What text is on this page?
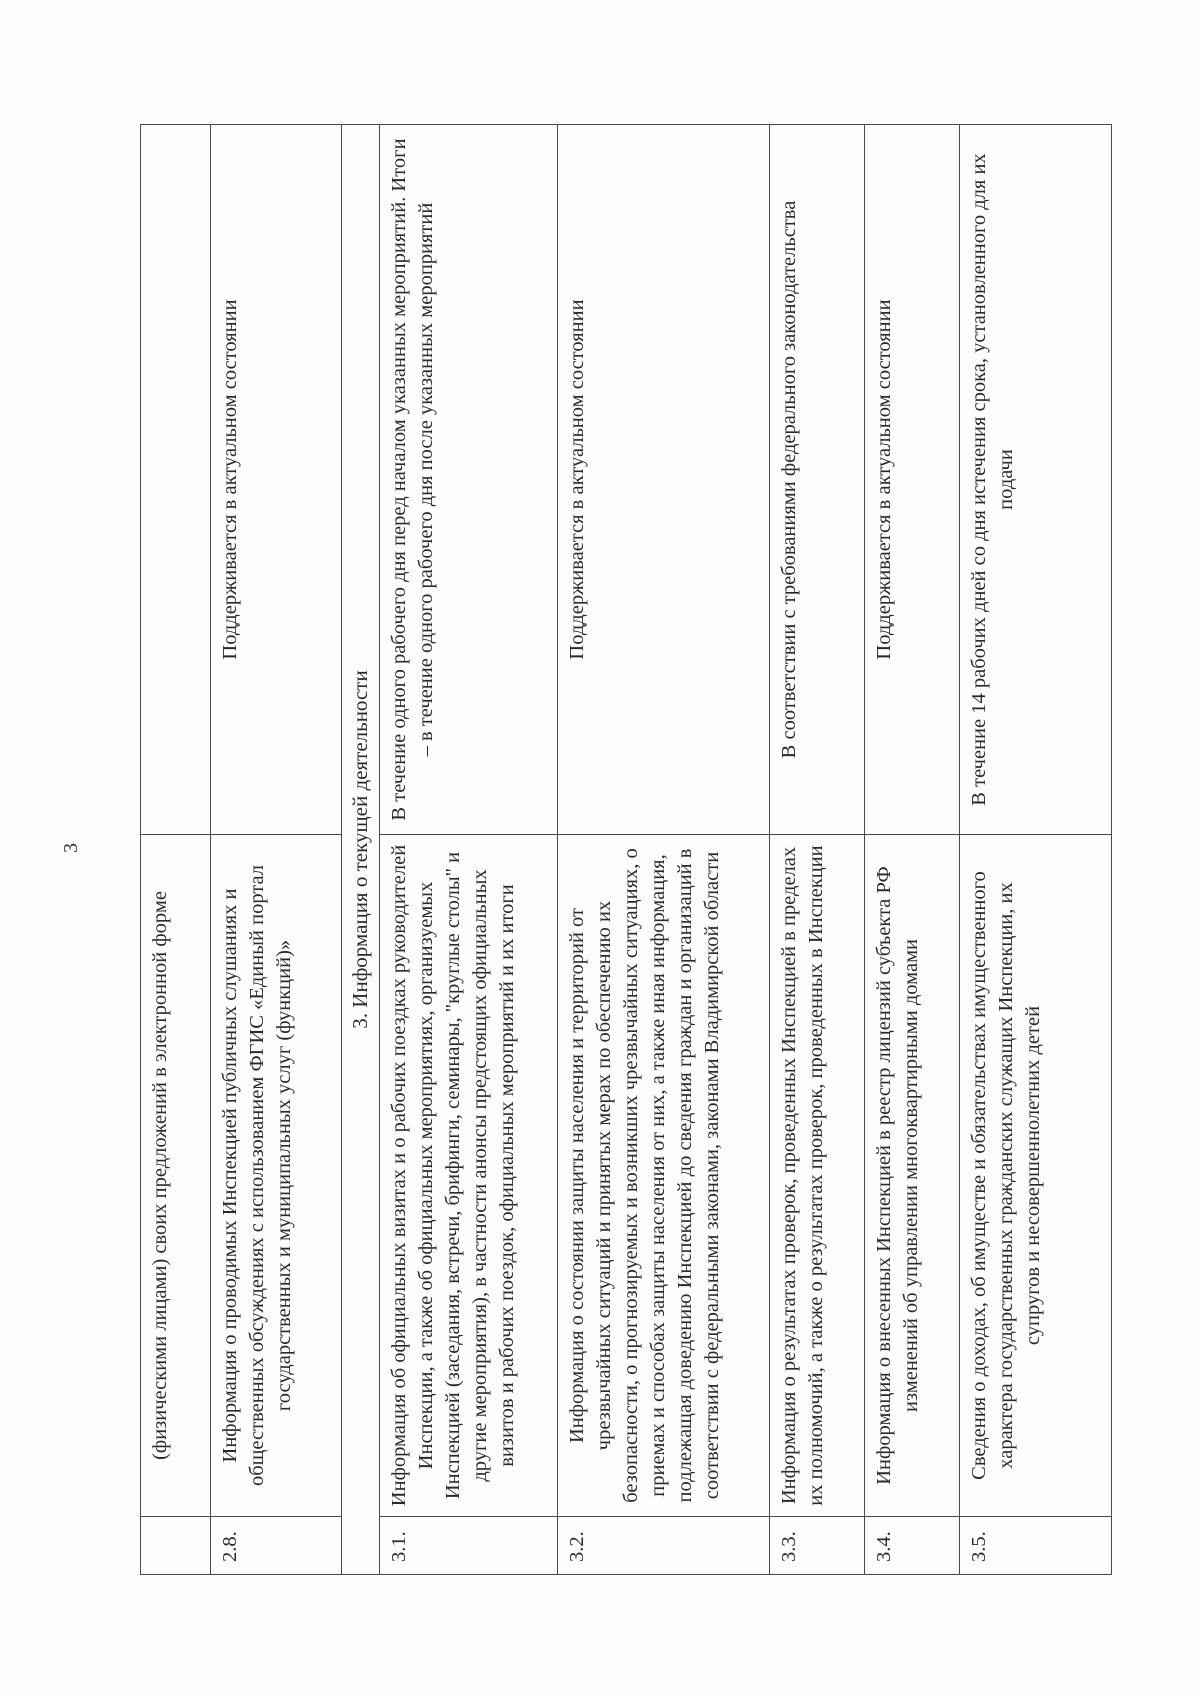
3
	(физическими лицами) своих предложений в электронной форме	
2.8.	Информация о проводимых Инспекцией публичных слушаниях и общественных обсуждениях с использованием ФГИС «Единый портал государственных и муниципальных услуг (функций)»	Поддерживается в актуальном состоянии
3. Информация о текущей деятельности		
3.1.	Информация об официальных визитах и о рабочих поездках руководителей Инспекции, а также об официальных мероприятиях, организуемых Инспекцией (заседания, встречи, брифинги, семинары, "круглые столы" и другие мероприятия), в частности анонсы предстоящих официальных визитов и рабочих поездок, официальных мероприятий и их итоги	В течение одного рабочего дня перед началом указанных мероприятий. Итоги – в течение одного рабочего дня после указанных мероприятий
3.2.	Информация о состоянии защиты населения и территорий от чрезвычайных ситуаций и принятых мерах по обеспечению их безопасности, о прогнозируемых и возникших чрезвычайных ситуациях, о приемах и способах защиты населения от них, а также иная информация, подлежащая доведению Инспекцией до сведения граждан и организаций в соответствии с федеральными законами, законами Владимирской области	Поддерживается в актуальном состоянии
3.3.	Информация о результатах проверок, проведенных Инспекцией в пределах их полномочий, а также о результатах проверок, проведенных в Инспекции	В соответствии с требованиями федерального законодательства
3.4.	Информация о внесенных Инспекцией в реестр лицензий субъекта РФ изменений об управлении многоквартирными домами	Поддерживается в актуальном состоянии
3.5.	Сведения о доходах, об имуществе и обязательствах имущественного характера государственных гражданских служащих Инспекции, их супругов и несовершеннолетних детей	В течение 14 рабочих дней со дня истечения срока, установленного для их подачи
